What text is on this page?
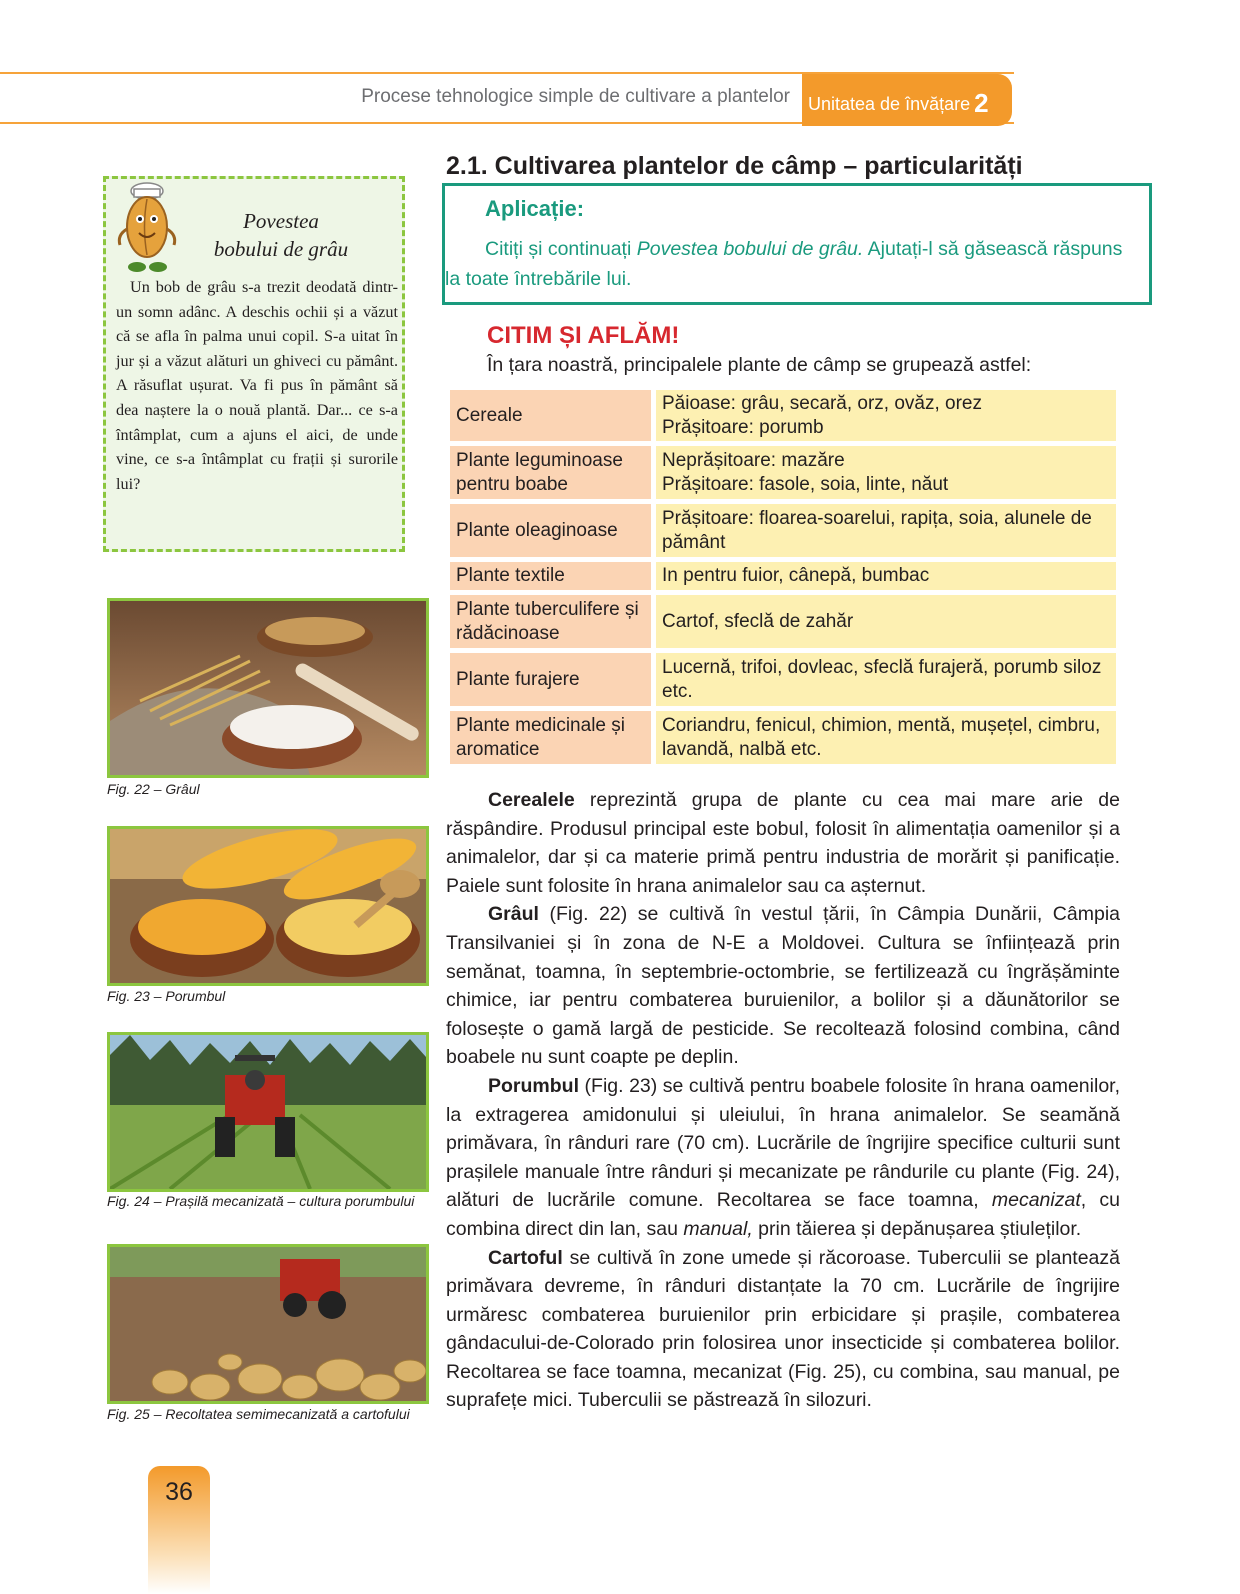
Procese tehnologice simple de cultivare a plantelor	Unitatea de învățare 2
Povestea
bobului de grâu
Un bob de grâu s-a trezit deodată dintr-un somn adânc. A deschis ochii și a văzut că se afla în palma unui copil. S-a uitat în jur și a văzut alături un ghiveci cu pământ. A răsuflat ușurat. Va fi pus în pământ să dea naștere la o nouă plantă. Dar... ce s-a întâmplat, cum a ajuns el aici, de unde vine, ce s-a întâmplat cu frații și surorile lui?
Fig. 22 – Grâul
Fig. 23 – Porumbul
Fig. 24 – Prașilă mecanizată – cultura porumbului
Fig. 25 – Recoltatea semimecanizată a cartofului
2.1. Cultivarea plantelor de câmp – particularități
Aplicație:
Citiți și continuați Povestea bobului de grâu. Ajutați-l să găsească răspuns la toate întrebările lui.
CITIM ȘI AFLĂM!
În țara noastră, principalele plante de câmp se grupează astfel:
Cereale
Păioase: grâu, secară, orz, ovăz, orez
Prășitoare: porumb
Plante leguminoase pentru boabe
Neprășitoare: mazăre
Prășitoare: fasole, soia, linte, năut
Plante oleaginoase
Prășitoare: floarea-soarelui, rapița, soia, alunele de pământ
Plante textile	In pentru fuior, cânepă, bumbac
Plante tuberculifere și rădăcinoase
Cartof, sfeclă de zahăr
Plante furajere
Lucernă, trifoi, dovleac, sfeclă furajeră, porumb siloz etc.
Plante medicinale și aromatice
Coriandru, fenicul, chimion, mentă, mușețel, cimbru, lavandă, nalbă etc.

Cerealele reprezintă grupa de plante cu cea mai mare arie de răspândire. Produsul principal este bobul, folosit în alimentația oamenilor și a animalelor, dar și ca materie primă pentru industria de morărit și panificație. Paiele sunt folosite în hrana animalelor sau ca așternut.

Grâul (Fig. 22) se cultivă în vestul țării, în Câmpia Dunării, Câmpia Transilvaniei și în zona de N-E a Moldovei. Cultura se înființează prin semănat, toamna, în septembrie-octombrie, se fertilizează cu îngrășăminte chimice, iar pentru combaterea buruienilor, a bolilor și a dăunătorilor se folosește o gamă largă de pesticide. Se recoltează folosind combina, când boabele nu sunt coapte pe deplin.

Porumbul (Fig. 23) se cultivă pentru boabele folosite în hrana oamenilor, la extragerea amidonului și uleiului, în hrana animalelor. Se seamănă primăvara, în rânduri rare (70 cm). Lucrările de îngrijire specifice culturii sunt prașilele manuale între rânduri și mecanizate pe rândurile cu plante (Fig. 24), alături de lucrările comune. Recoltarea se face toamna, mecanizat, cu combina direct din lan, sau manual, prin tăierea și depănușarea știuleților.

Cartoful se cultivă în zone umede și răcoroase. Tuberculii se plantează primăvara devreme, în rânduri distanțate la 70 cm. Lucrările de îngrijire urmăresc combaterea buruienilor prin erbicidare și prașile, combaterea gândacului-de-Colorado prin folosirea unor insecticide și combaterea bolilor. Recoltarea se face toamna, mecanizat (Fig. 25), cu combina, sau manual, pe suprafețe mici. Tuberculii se păstrează în silozuri.

36
